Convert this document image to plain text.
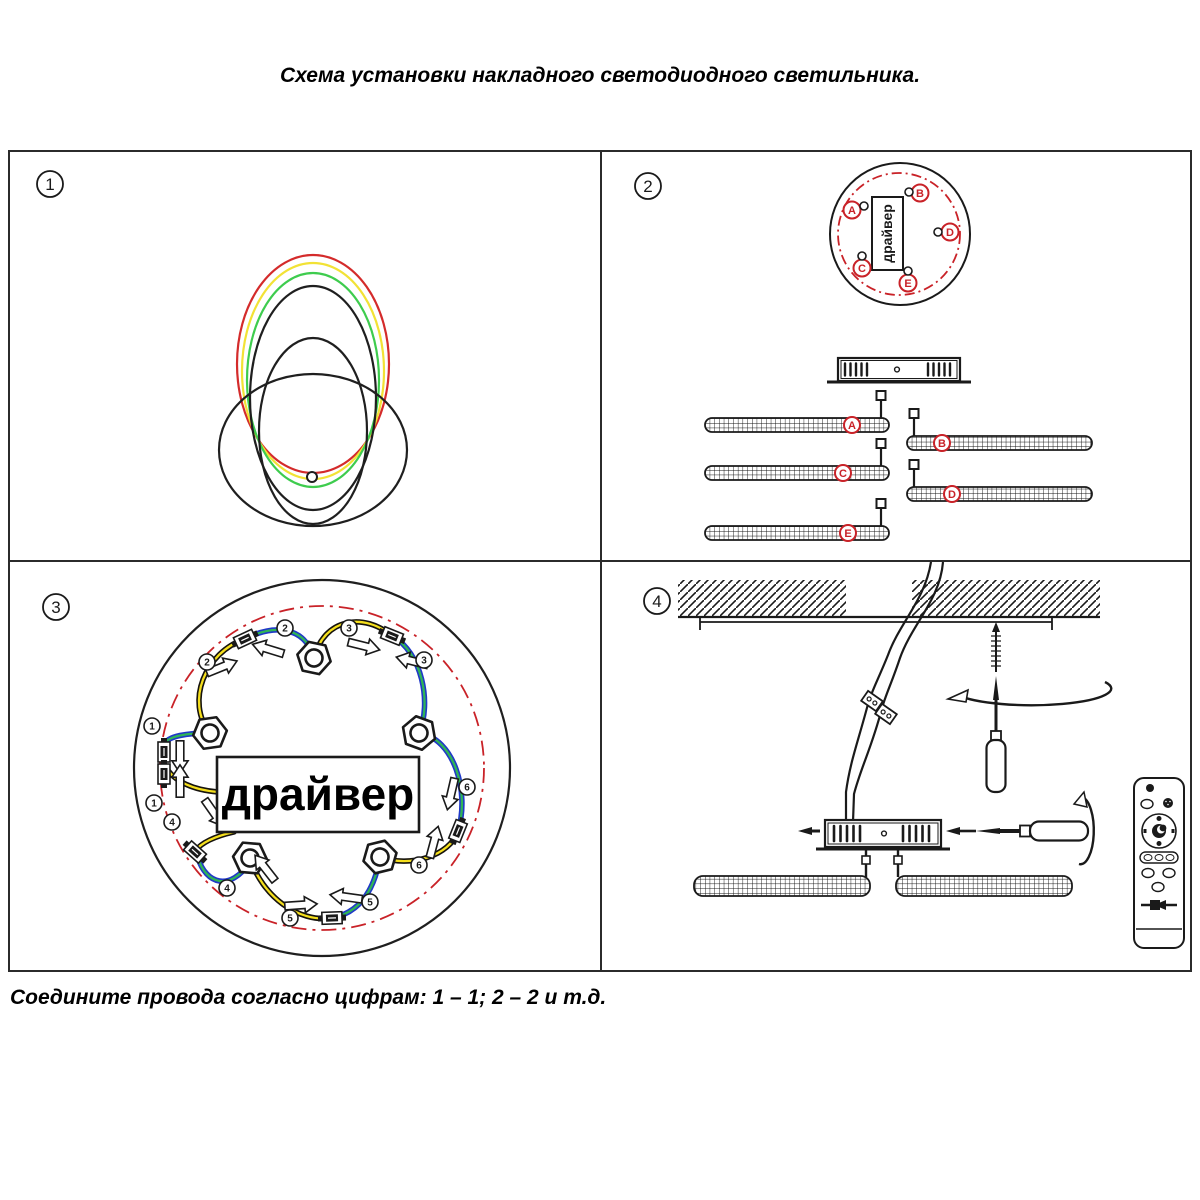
Схема установки накладного светодиодного светильника.
1	2
драйвер
A
B
C
D
E
A
B
C
D
E
3
1
1
2
2	3
3
4
4
5
5
6
6
драйвер
4
Соедините провода согласно цифрам: 1 – 1; 2 – 2 и т.д.
